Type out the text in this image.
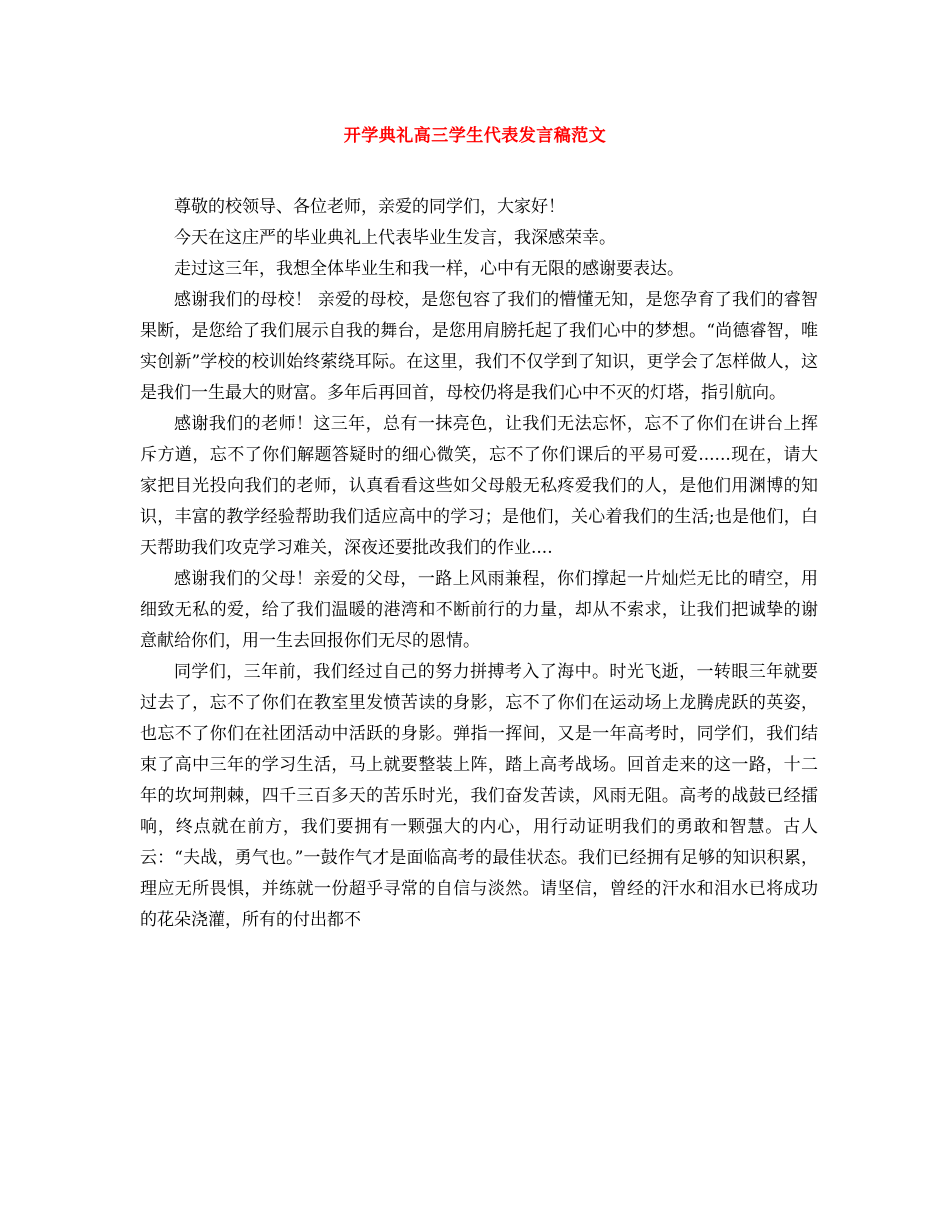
开学典礼高三学生代表发言稿范文

尊敬的校领导、各位老师，亲爱的同学们，大家好！

今天在这庄严的毕业典礼上代表毕业生发言，我深感荣幸。

走过这三年，我想全体毕业生和我一样，心中有无限的感谢要表达。

感谢我们的母校！ 亲爱的母校，是您包容了我们的懵懂无知，是您孕育了我们的睿智果断，是您给了我们展示自我的舞台，是您用肩膀托起了我们心中的梦想。“尚德睿智，唯实创新”学校的校训始终萦绕耳际。在这里，我们不仅学到了知识，更学会了怎样做人，这是我们一生最大的财富。多年后再回首，母校仍将是我们心中不灭的灯塔，指引航向。

感谢我们的老师！这三年，总有一抹亮色，让我们无法忘怀，忘不了你们在讲台上挥斥方遒，忘不了你们解题答疑时的细心微笑，忘不了你们课后的平易可爱......现在，请大家把目光投向我们的老师，认真看看这些如父母般无私疼爱我们的人，是他们用渊博的知识，丰富的教学经验帮助我们适应高中的学习；是他们，关心着我们的生活;也是他们，白天帮助我们攻克学习难关，深夜还要批改我们的作业....

感谢我们的父母！亲爱的父母，一路上风雨兼程，你们撑起一片灿烂无比的晴空，用细致无私的爱，给了我们温暖的港湾和不断前行的力量，却从不索求，让我们把诚挚的谢意献给你们，用一生去回报你们无尽的恩情。

同学们，三年前，我们经过自己的努力拼搏考入了海中。时光飞逝，一转眼三年就要过去了，忘不了你们在教室里发愤苦读的身影，忘不了你们在运动场上龙腾虎跃的英姿，也忘不了你们在社团活动中活跃的身影。弹指一挥间，又是一年高考时，同学们，我们结束了高中三年的学习生活，马上就要整装上阵，踏上高考战场。回首走来的这一路，十二年的坎坷荆棘，四千三百多天的苦乐时光，我们奋发苦读，风雨无阻。高考的战鼓已经擂响，终点就在前方，我们要拥有一颗强大的内心，用行动证明我们的勇敢和智慧。古人云：“夫战，勇气也。”一鼓作气才是面临高考的最佳状态。我们已经拥有足够的知识积累，理应无所畏惧，并练就一份超乎寻常的自信与淡然。请坚信，曾经的汗水和泪水已将成功的花朵浇灌，所有的付出都不
